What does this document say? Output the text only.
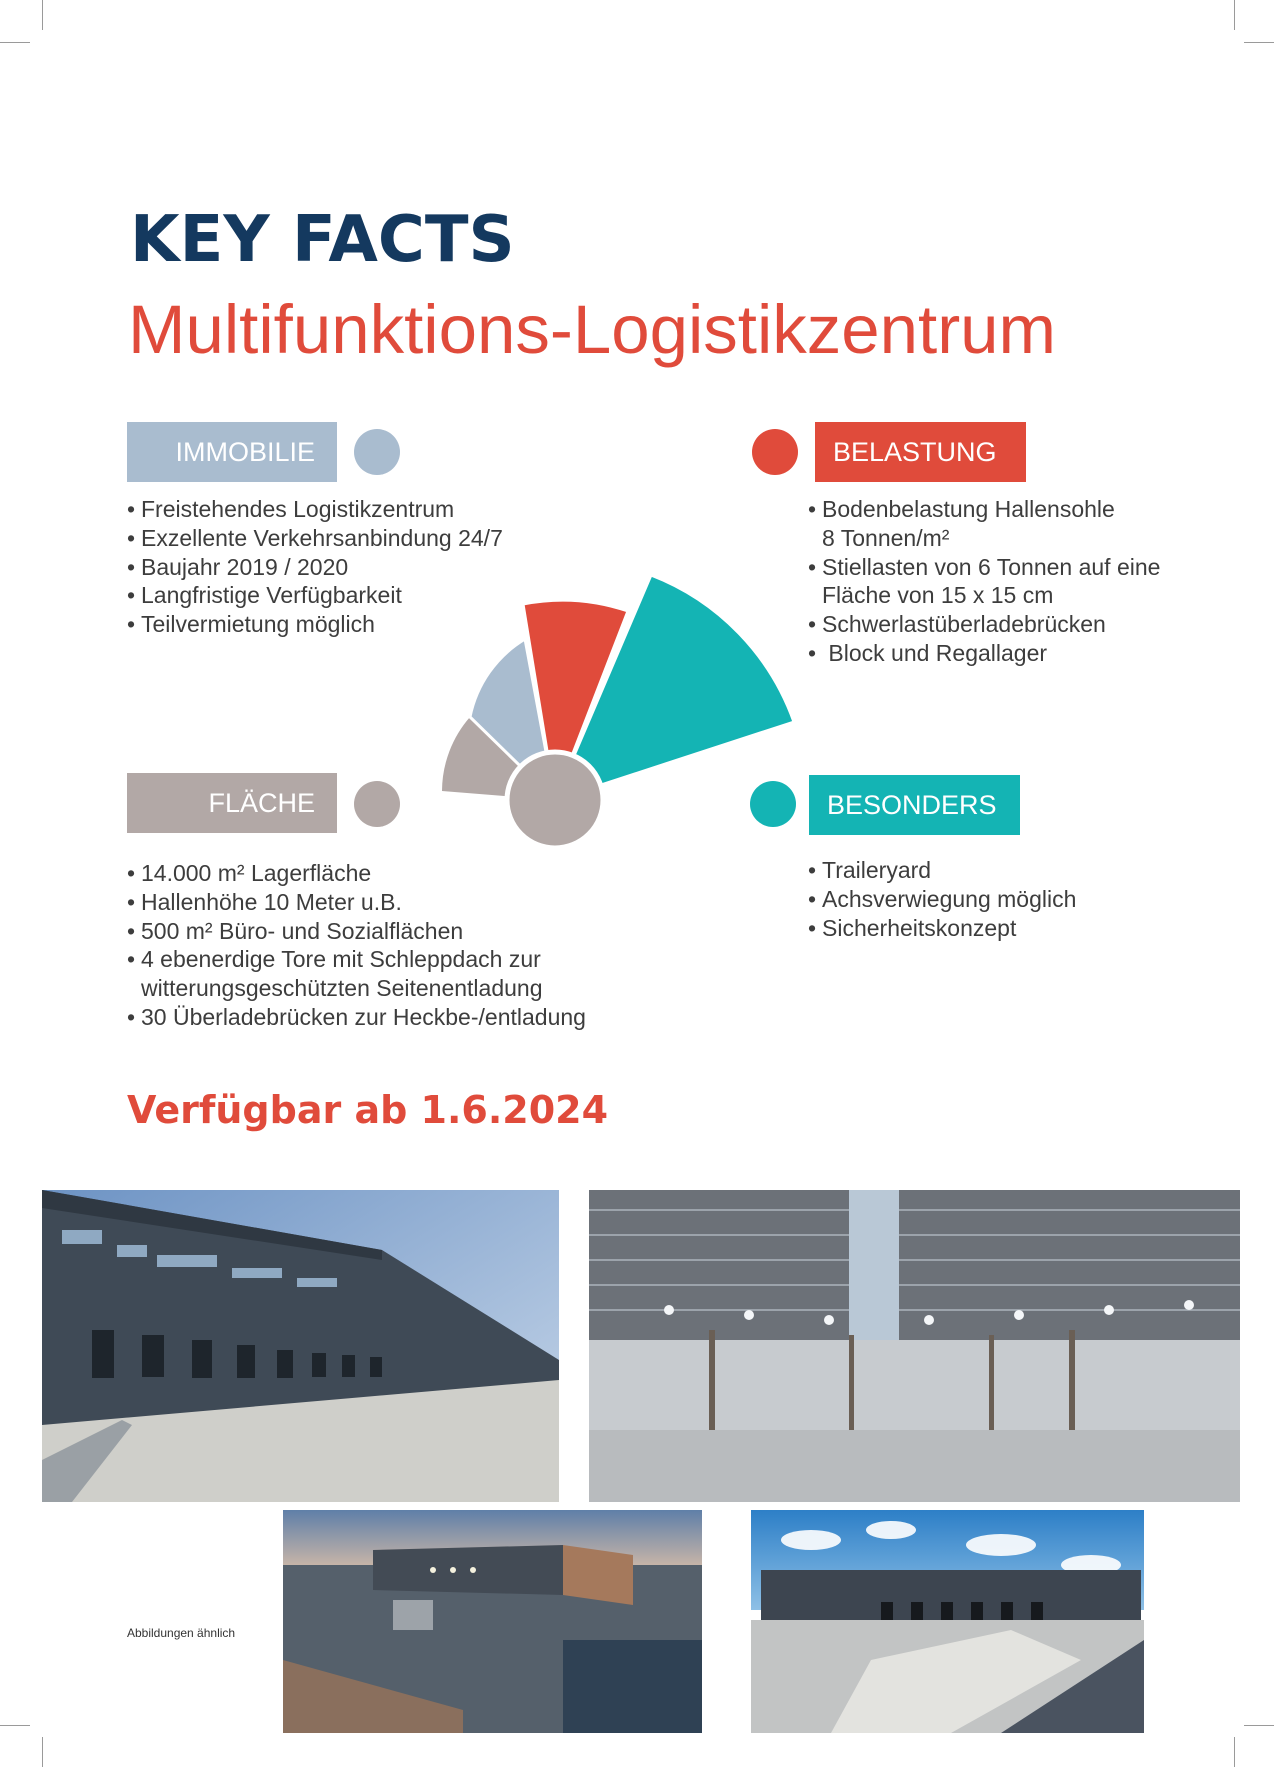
KEY FACTS
Multifunktions-Logistikzentrum
IMMOBILIE
• Freistehendes Logistikzentrum
• Exzellente Verkehrsanbindung 24/7
• Baujahr 2019 / 2020
• Langfristige Verfügbarkeit
• Teilvermietung möglich
BELASTUNG
• Bodenbelastung Hallensohle
8 Tonnen/m²
• Stiellasten von 6 Tonnen auf eine
Fläche von 15 x 15 cm
• Schwerlastüberladebrücken
•  Block und Regallager
FLÄCHE
• 14.000 m² Lagerfläche
• Hallenhöhe 10 Meter u.B.
• 500 m² Büro- und Sozialflächen
• 4 ebenerdige Tore mit Schleppdach zur
witterungsgeschützten Seitenentladung
• 30 Überladebrücken zur Heckbe-/entladung
BESONDERS
• Traileryard
• Achsverwiegung möglich
• Sicherheitskonzept

Verfügbar ab 1.6.2024

Abbildungen ähnlich
